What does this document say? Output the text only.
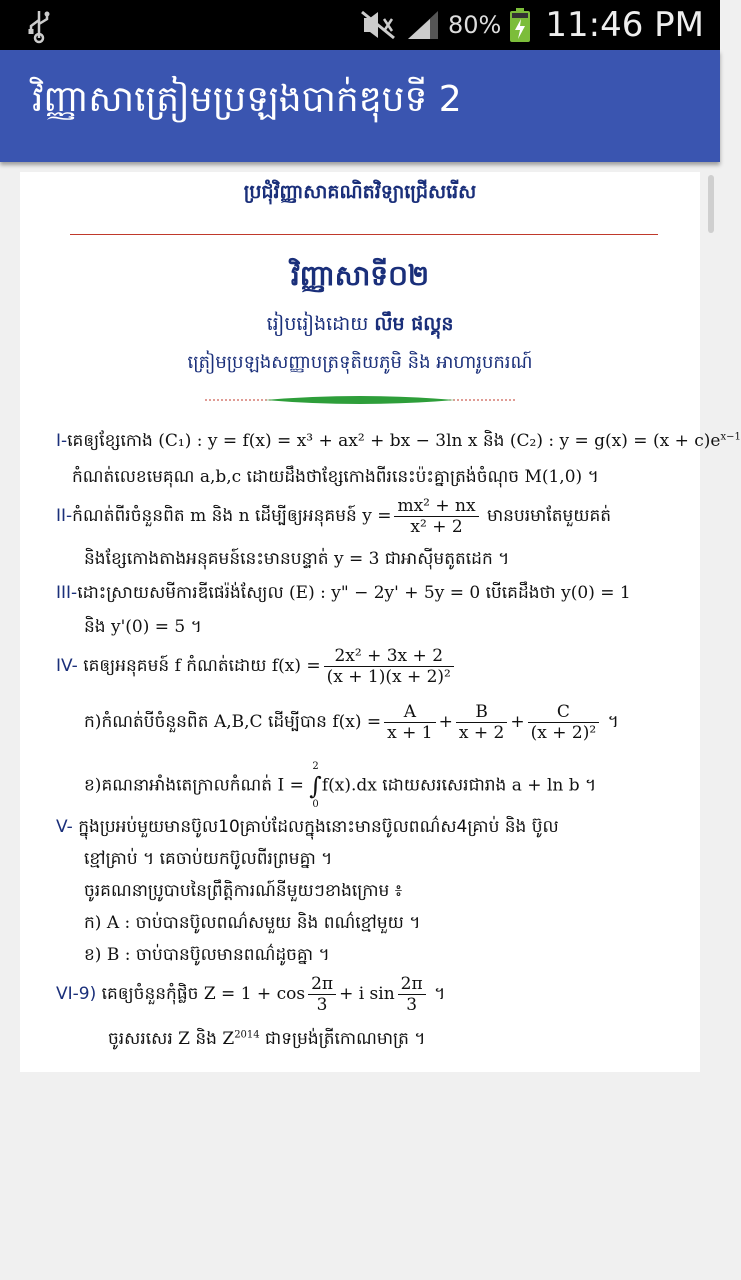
80% 11:46 PM
វិញ្ញាសាត្រៀមប្រឡងបាក់ឌុបទី 2
ប្រជុំវិញ្ញាសាគណិតវិទ្យាជ្រើសរើស
វិញ្ញាសាទី០២
រៀបរៀងដោយ លឹម ផល្គុន
ត្រៀមប្រឡងសញ្ញាបត្រទុតិយភូមិ និង អាហារូបករណ៍
I-គេឲ្យខ្សែកោង (C₁) : y = f(x) = x³ + ax² + bx − 3ln x និង (C₂) : $y = g(x) = (x + c)e^{x-1}$
កំណត់លេខមេគុណ a,b,c ដោយដឹងថាខ្សែកោងពីរនេះប៉ះគ្នាត្រង់ចំណុច M(1,0) ។
II-កំណត់ពីរចំនួនពិត m និង n ដើម្បីឲ្យអនុគមន៍ $y = \frac{\text{mx² + nx}}{\text{x² + 2}}$ មានបរមាតែមួយគត់
និងខ្សែកោងតាងអនុគមន៍នេះមានបន្ទាត់ y = 3 ជាអាស៊ីមតូតដេក ។
III-ដោះស្រាយសមីការឌីផេរ៉ង់ស្យែល (E) : y" − 2y' + 5y = 0 បើគេដឹងថា y(0) = 1
និង y'(0) = 5 ។
IV- គេឲ្យអនុគមន៍ f កំណត់ដោយ $f(x) = \frac{\text{2x² + 3x + 2}}{\text{(x + 1)(x + 2)²}}$
ក)កំណត់បីចំនួនពិត A,B,C ដើម្បីបាន $f(x) = \frac{A}{x + 1} + \frac{B}{x + 2} + \frac{C}{\text{(x + 2)²}}$ ។
ខ)គណនាអាំងតេក្រាលកំណត់ I =
2
∫
0
f(x).dx ដោយសរសេរជារាង a + ln b ។
V- ក្នុងប្រអប់មួយមានប៊ូល10គ្រាប់ដែលក្នុងនោះមានប៊ូលពណ៌ស4គ្រាប់ និង ប៊ូល
ខ្មៅគ្រាប់ ។ គេចាប់យកប៊ូលពីរព្រមគ្នា ។
ចូរគណនាប្រូបាបនៃព្រឹត្តិការណ៍នីមួយៗខាងក្រោម ៖
ក) A : ចាប់បានប៊ូលពណ៌សមួយ និង ពណ៌ខ្មៅមួយ ។
ខ) B : ចាប់បានប៊ូលមានពណ៌ដូចគ្នា ។
VI-9) គេឲ្យចំនួនកុំផ្លិច $Z = 1 + \cos \frac{2\pi}{3} + i$ $\sin \frac{2\pi}{3}$ ។
ចូរសរសេរ Z និង $Z^{2014}$ ជាទម្រង់ត្រីកោណមាត្រ ។
